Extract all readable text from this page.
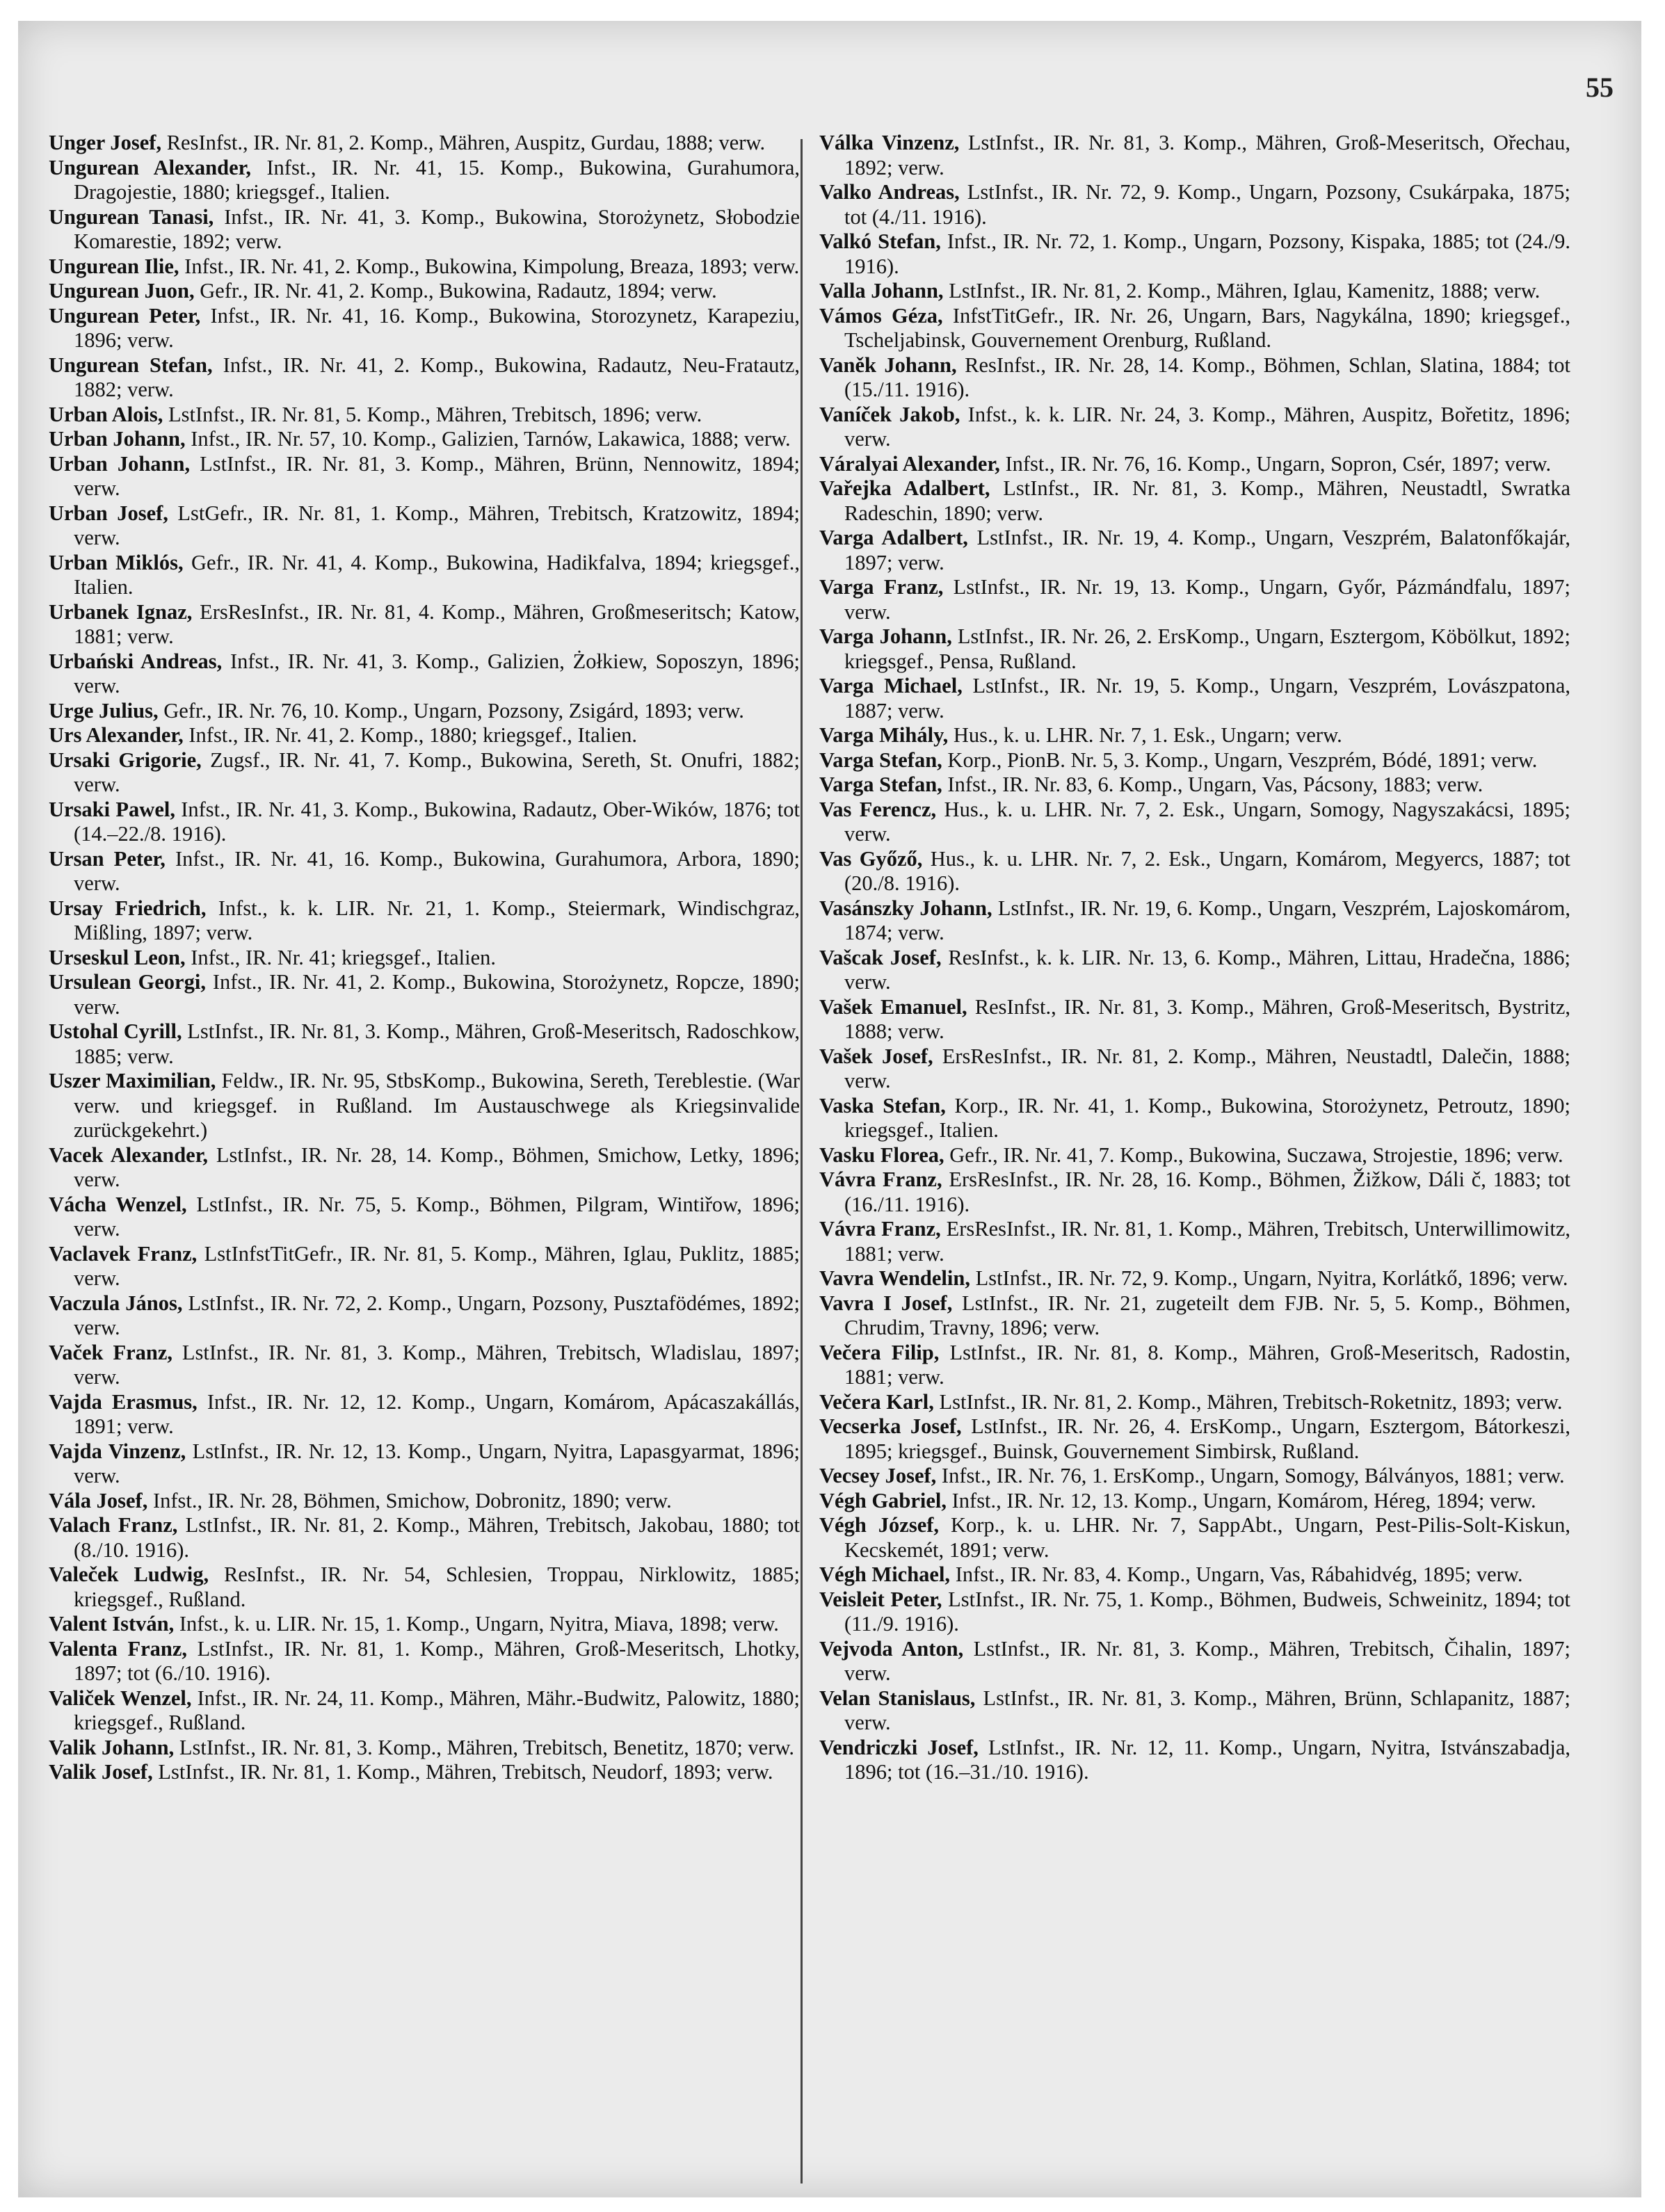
55

Unger Josef, ResInfst., IR. Nr. 81, 2. Komp., Mähren, Auspitz, Gurdau, 1888; verw.

Ungurean Alexander, Infst., IR. Nr. 41, 15. Komp., Bukowina, Gurahumora, Dragojestie, 1880; kriegsgef., Italien.

Ungurean Tanasi, Infst., IR. Nr. 41, 3. Komp., Bukowina, Storożynetz, Słobodzie Komarestie, 1892; verw.

Ungurean Ilie, Infst., IR. Nr. 41, 2. Komp., Bukowina, Kimpolung, Breaza, 1893; verw.

Ungurean Juon, Gefr., IR. Nr. 41, 2. Komp., Bukowina, Radautz, 1894; verw.

Ungurean Peter, Infst., IR. Nr. 41, 16. Komp., Bukowina, Storozynetz, Karapeziu, 1896; verw.

Ungurean Stefan, Infst., IR. Nr. 41, 2. Komp., Bukowina, Radautz, Neu-Fratautz, 1882; verw.

Urban Alois, LstInfst., IR. Nr. 81, 5. Komp., Mähren, Trebitsch, 1896; verw.

Urban Johann, Infst., IR. Nr. 57, 10. Komp., Galizien, Tarnów, Lakawica, 1888; verw.

Urban Johann, LstInfst., IR. Nr. 81, 3. Komp., Mähren, Brünn, Nennowitz, 1894; verw.

Urban Josef, LstGefr., IR. Nr. 81, 1. Komp., Mähren, Trebitsch, Kratzowitz, 1894; verw.

Urban Miklós, Gefr., IR. Nr. 41, 4. Komp., Bukowina, Hadikfalva, 1894; kriegsgef., Italien.

Urbanek Ignaz, ErsResInfst., IR. Nr. 81, 4. Komp., Mähren, Großmeseritsch; Katow, 1881; verw.

Urbański Andreas, Infst., IR. Nr. 41, 3. Komp., Galizien, Żołkiew, Soposzyn, 1896; verw.

Urge Julius, Gefr., IR. Nr. 76, 10. Komp., Ungarn, Pozsony, Zsigárd, 1893; verw.

Urs Alexander, Infst., IR. Nr. 41, 2. Komp., 1880; kriegsgef., Italien.

Ursaki Grigorie, Zugsf., IR. Nr. 41, 7. Komp., Bukowina, Sereth, St. Onufri, 1882; verw.

Ursaki Pawel, Infst., IR. Nr. 41, 3. Komp., Bukowina, Radautz, Ober-Wików, 1876; tot (14.–22./8. 1916).

Ursan Peter, Infst., IR. Nr. 41, 16. Komp., Bukowina, Gurahumora, Arbora, 1890; verw.

Ursay Friedrich, Infst., k. k. LIR. Nr. 21, 1. Komp., Steiermark, Windischgraz, Mißling, 1897; verw.

Urseskul Leon, Infst., IR. Nr. 41; kriegsgef., Italien.

Ursulean Georgi, Infst., IR. Nr. 41, 2. Komp., Bukowina, Storożynetz, Ropcze, 1890; verw.

Ustohal Cyrill, LstInfst., IR. Nr. 81, 3. Komp., Mähren, Groß-Meseritsch, Radoschkow, 1885; verw.

Uszer Maximilian, Feldw., IR. Nr. 95, StbsKomp., Bukowina, Sereth, Tereblestie. (War verw. und kriegsgef. in Rußland. Im Austauschwege als Kriegsinvalide zurückgekehrt.)

Vacek Alexander, LstInfst., IR. Nr. 28, 14. Komp., Böhmen, Smichow, Letky, 1896; verw.

Vácha Wenzel, LstInfst., IR. Nr. 75, 5. Komp., Böhmen, Pilgram, Wintiřow, 1896; verw.

Vaclavek Franz, LstInfstTitGefr., IR. Nr. 81, 5. Komp., Mähren, Iglau, Puklitz, 1885; verw.

Vaczula János, LstInfst., IR. Nr. 72, 2. Komp., Ungarn, Pozsony, Pusztafödémes, 1892; verw.

Vaček Franz, LstInfst., IR. Nr. 81, 3. Komp., Mähren, Trebitsch, Wladislau, 1897; verw.

Vajda Erasmus, Infst., IR. Nr. 12, 12. Komp., Ungarn, Komárom, Apácaszakállás, 1891; verw.

Vajda Vinzenz, LstInfst., IR. Nr. 12, 13. Komp., Ungarn, Nyitra, Lapasgyarmat, 1896; verw.

Vála Josef, Infst., IR. Nr. 28, Böhmen, Smichow, Dobronitz, 1890; verw.

Valach Franz, LstInfst., IR. Nr. 81, 2. Komp., Mähren, Trebitsch, Jakobau, 1880; tot (8./10. 1916).

Valeček Ludwig, ResInfst., IR. Nr. 54, Schlesien, Troppau, Nirklowitz, 1885; kriegsgef., Rußland.

Valent István, Infst., k. u. LIR. Nr. 15, 1. Komp., Ungarn, Nyitra, Miava, 1898; verw.

Valenta Franz, LstInfst., IR. Nr. 81, 1. Komp., Mähren, Groß-Meseritsch, Lhotky, 1897; tot (6./10. 1916).

Valiček Wenzel, Infst., IR. Nr. 24, 11. Komp., Mähren, Mähr.-Budwitz, Palowitz, 1880; kriegsgef., Rußland.

Valik Johann, LstInfst., IR. Nr. 81, 3. Komp., Mähren, Trebitsch, Benetitz, 1870; verw.

Valik Josef, LstInfst., IR. Nr. 81, 1. Komp., Mähren, Trebitsch, Neudorf, 1893; verw.

Válka Vinzenz, LstInfst., IR. Nr. 81, 3. Komp., Mähren, Groß-Meseritsch, Ořechau, 1892; verw.

Valko Andreas, LstInfst., IR. Nr. 72, 9. Komp., Ungarn, Pozsony, Csukárpaka, 1875; tot (4./11. 1916).

Valkó Stefan, Infst., IR. Nr. 72, 1. Komp., Ungarn, Pozsony, Kispaka, 1885; tot (24./9. 1916).

Valla Johann, LstInfst., IR. Nr. 81, 2. Komp., Mähren, Iglau, Kamenitz, 1888; verw.

Vámos Géza, InfstTitGefr., IR. Nr. 26, Ungarn, Bars, Nagykálna, 1890; kriegsgef., Tscheljabinsk, Gouvernement Orenburg, Rußland.

Vaněk Johann, ResInfst., IR. Nr. 28, 14. Komp., Böhmen, Schlan, Slatina, 1884; tot (15./11. 1916).

Vaníček Jakob, Infst., k. k. LIR. Nr. 24, 3. Komp., Mähren, Auspitz, Bořetitz, 1896; verw.

Váralyai Alexander, Infst., IR. Nr. 76, 16. Komp., Ungarn, Sopron, Csér, 1897; verw.

Vařejka Adalbert, LstInfst., IR. Nr. 81, 3. Komp., Mähren, Neustadtl, Swratka Radeschin, 1890; verw.

Varga Adalbert, LstInfst., IR. Nr. 19, 4. Komp., Ungarn, Veszprém, Balatonfőkajár, 1897; verw.

Varga Franz, LstInfst., IR. Nr. 19, 13. Komp., Ungarn, Győr, Pázmándfalu, 1897; verw.

Varga Johann, LstInfst., IR. Nr. 26, 2. ErsKomp., Ungarn, Esztergom, Köbölkut, 1892; kriegsgef., Pensa, Rußland.

Varga Michael, LstInfst., IR. Nr. 19, 5. Komp., Ungarn, Veszprém, Lovászpatona, 1887; verw.

Varga Mihály, Hus., k. u. LHR. Nr. 7, 1. Esk., Ungarn; verw.

Varga Stefan, Korp., PionB. Nr. 5, 3. Komp., Ungarn, Veszprém, Bódé, 1891; verw.

Varga Stefan, Infst., IR. Nr. 83, 6. Komp., Ungarn, Vas, Pácsony, 1883; verw.

Vas Ferencz, Hus., k. u. LHR. Nr. 7, 2. Esk., Ungarn, Somogy, Nagyszakácsi, 1895; verw.

Vas Győző, Hus., k. u. LHR. Nr. 7, 2. Esk., Ungarn, Komárom, Megyercs, 1887; tot (20./8. 1916).

Vasánszky Johann, LstInfst., IR. Nr. 19, 6. Komp., Ungarn, Veszprém, Lajoskomárom, 1874; verw.

Vašcak Josef, ResInfst., k. k. LIR. Nr. 13, 6. Komp., Mähren, Littau, Hradečna, 1886; verw.

Vašek Emanuel, ResInfst., IR. Nr. 81, 3. Komp., Mähren, Groß-Meseritsch, Bystritz, 1888; verw.

Vašek Josef, ErsResInfst., IR. Nr. 81, 2. Komp., Mähren, Neustadtl, Dalečin, 1888; verw.

Vaska Stefan, Korp., IR. Nr. 41, 1. Komp., Bukowina, Storożynetz, Petroutz, 1890; kriegsgef., Italien.

Vasku Florea, Gefr., IR. Nr. 41, 7. Komp., Bukowina, Suczawa, Strojestie, 1896; verw.

Vávra Franz, ErsResInfst., IR. Nr. 28, 16. Komp., Böhmen, Žižkow, Dáli č, 1883; tot (16./11. 1916).

Vávra Franz, ErsResInfst., IR. Nr. 81, 1. Komp., Mähren, Trebitsch, Unterwillimowitz, 1881; verw.

Vavra Wendelin, LstInfst., IR. Nr. 72, 9. Komp., Ungarn, Nyitra, Korlátkő, 1896; verw.

Vavra I Josef, LstInfst., IR. Nr. 21, zugeteilt dem FJB. Nr. 5, 5. Komp., Böhmen, Chrudim, Travny, 1896; verw.

Večera Filip, LstInfst., IR. Nr. 81, 8. Komp., Mähren, Groß-Meseritsch, Radostin, 1881; verw.

Večera Karl, LstInfst., IR. Nr. 81, 2. Komp., Mähren, Trebitsch-Roketnitz, 1893; verw.

Vecserka Josef, LstInfst., IR. Nr. 26, 4. ErsKomp., Ungarn, Esztergom, Bátorkeszi, 1895; kriegsgef., Buinsk, Gouvernement Simbirsk, Rußland.

Vecsey Josef, Infst., IR. Nr. 76, 1. ErsKomp., Ungarn, Somogy, Bálványos, 1881; verw.

Végh Gabriel, Infst., IR. Nr. 12, 13. Komp., Ungarn, Komárom, Héreg, 1894; verw.

Végh József, Korp., k. u. LHR. Nr. 7, SappAbt., Ungarn, Pest-Pilis-Solt-Kiskun, Kecskemét, 1891; verw.

Végh Michael, Infst., IR. Nr. 83, 4. Komp., Ungarn, Vas, Rábahidvég, 1895; verw.

Veisleit Peter, LstInfst., IR. Nr. 75, 1. Komp., Böhmen, Budweis, Schweinitz, 1894; tot (11./9. 1916).

Vejvoda Anton, LstInfst., IR. Nr. 81, 3. Komp., Mähren, Trebitsch, Čihalin, 1897; verw.

Velan Stanislaus, LstInfst., IR. Nr. 81, 3. Komp., Mähren, Brünn, Schlapanitz, 1887; verw.

Vendriczki Josef, LstInfst., IR. Nr. 12, 11. Komp., Ungarn, Nyitra, Istvánszabadja, 1896; tot (16.–31./10. 1916).
